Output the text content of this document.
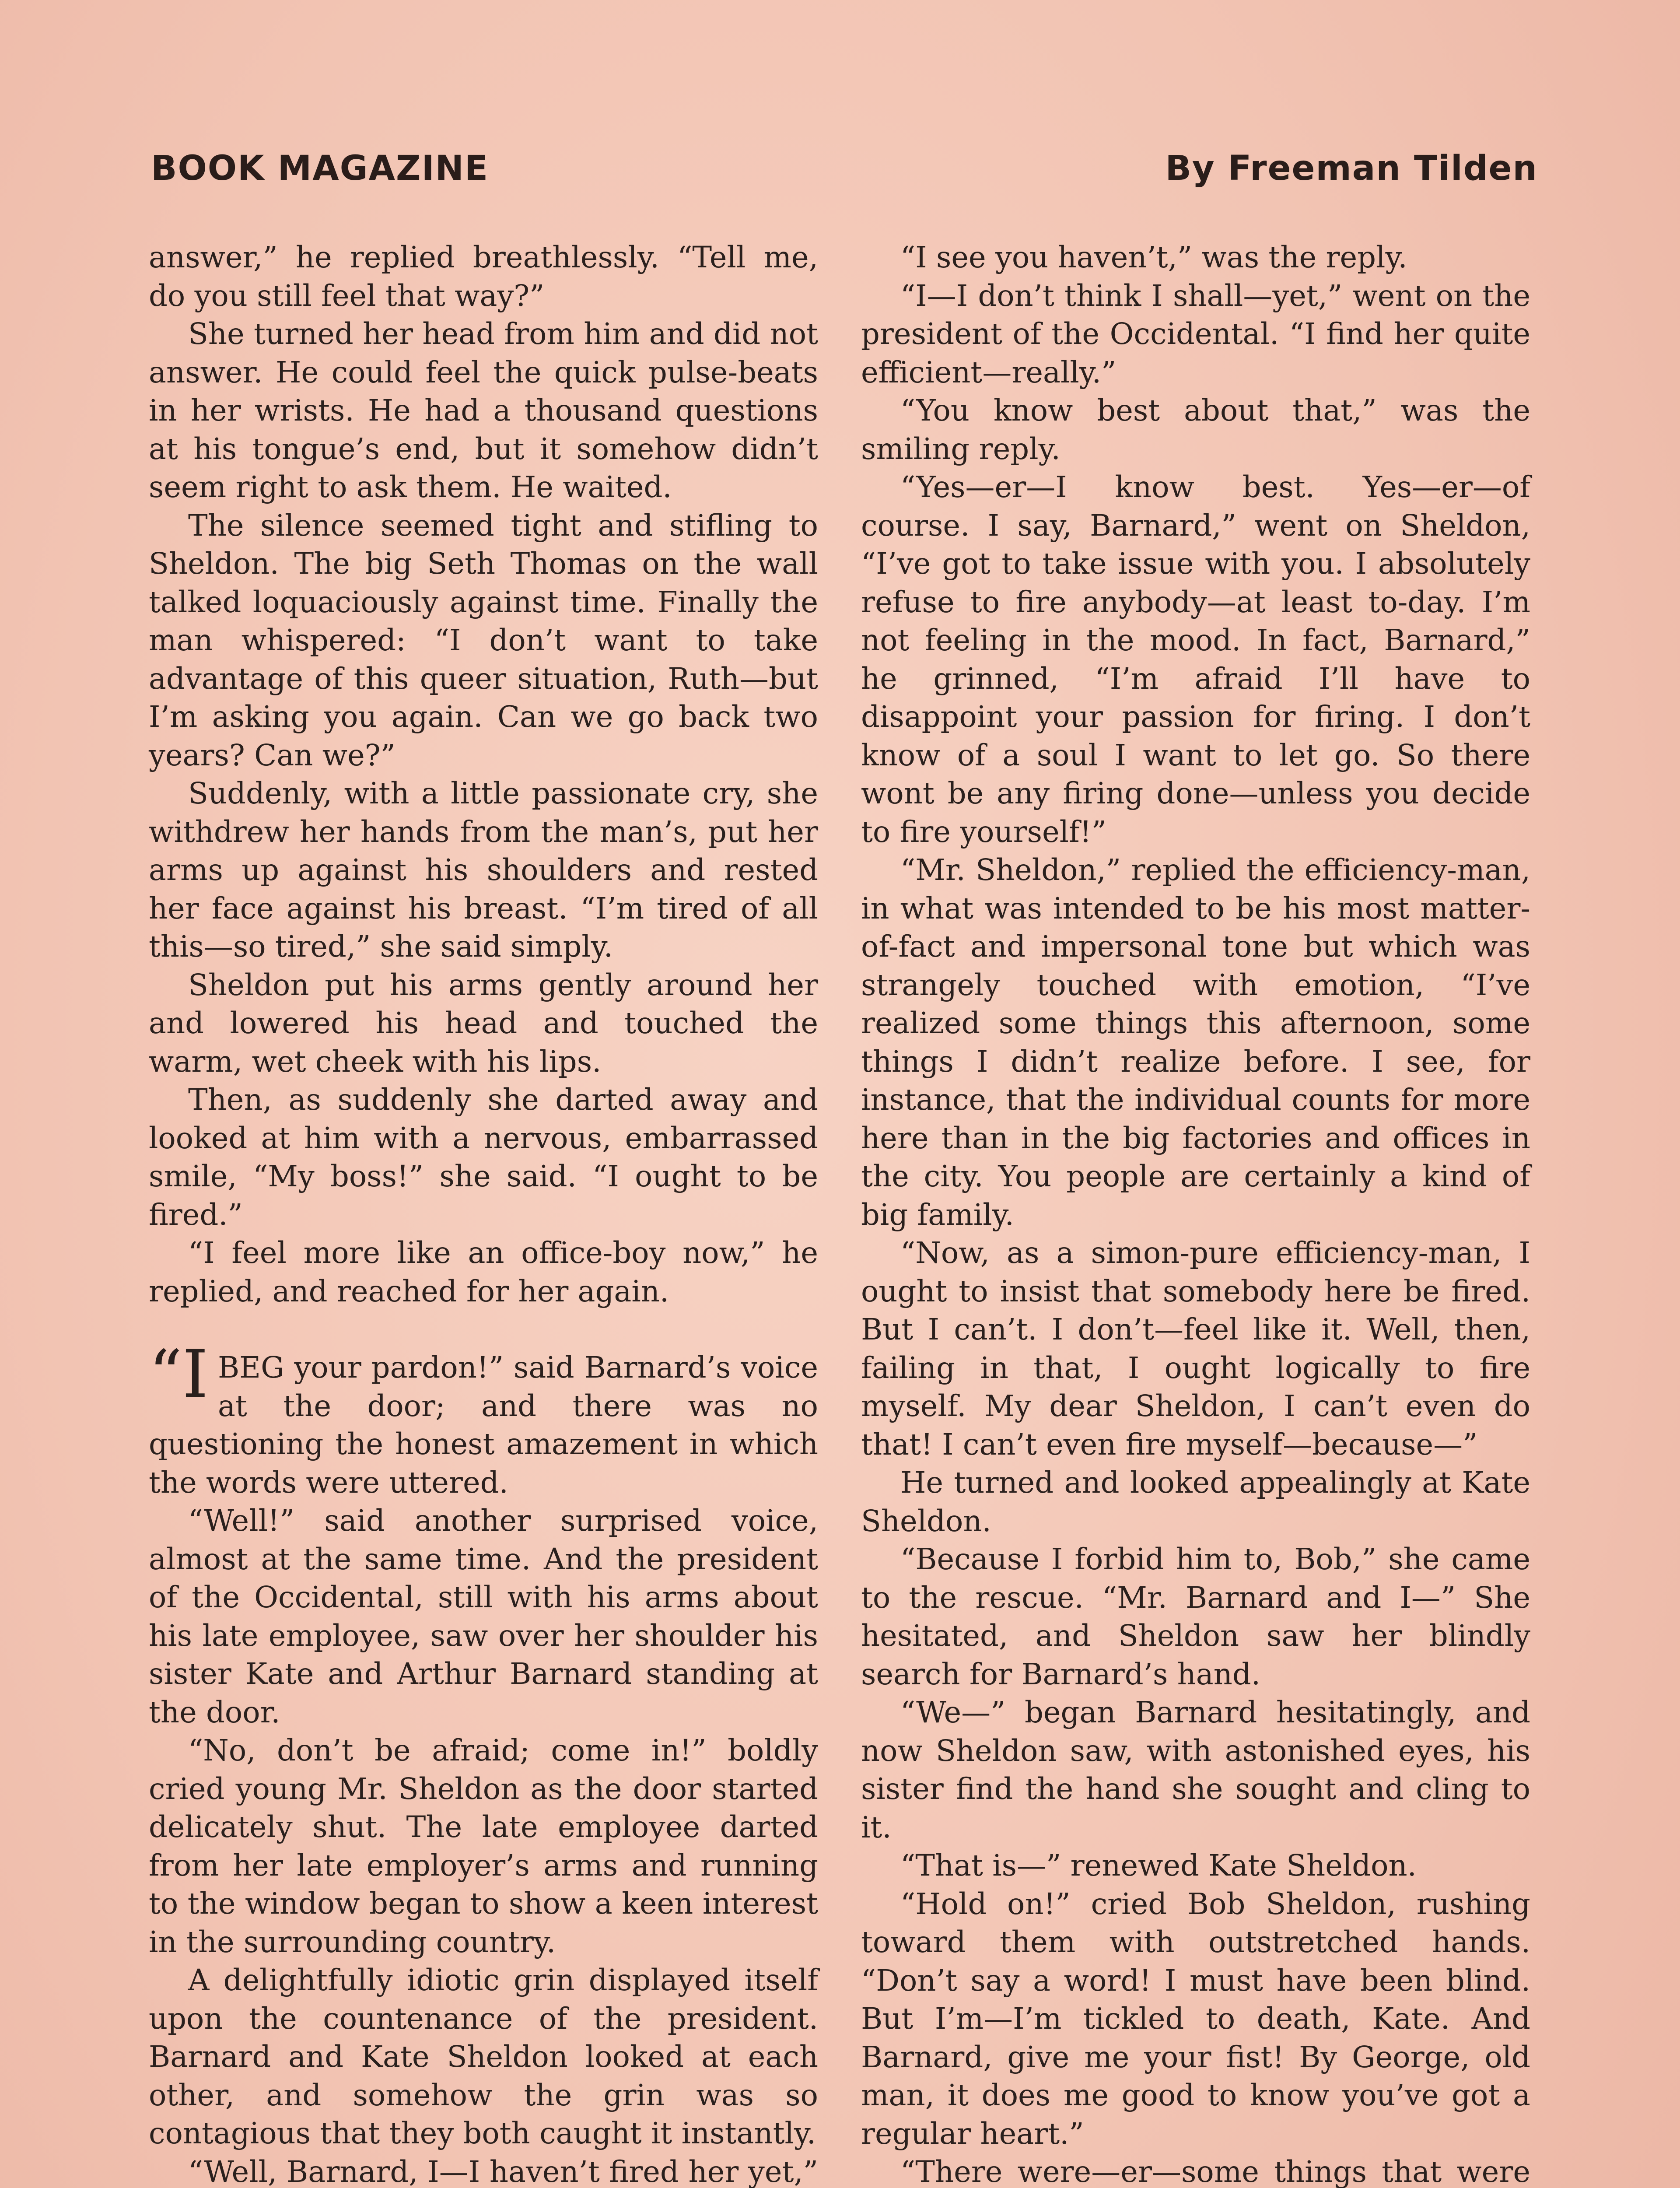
BOOK MAGAZINE	By Freeman Tilden

answer,” he replied breathlessly. “Tell me, do you still feel that way?”

She turned her head from him and did not answer. He could feel the quick pulse-beats in her wrists. He had a thousand questions at his tongue’s end, but it somehow didn’t seem right to ask them. He waited.

The silence seemed tight and stifling to Sheldon. The big Seth Thomas on the wall talked loquaciously against time. Finally the man whispered: “I don’t want to take advantage of this queer situation, Ruth—but I’m asking you again. Can we go back two years? Can we?”

Suddenly, with a little passionate cry, she withdrew her hands from the man’s, put her arms up against his shoulders and rested her face against his breast. “I’m tired of all this—so tired,” she said simply.

Sheldon put his arms gently around her and lowered his head and touched the warm, wet cheek with his lips.

Then, as suddenly she darted away and looked at him with a nervous, embarrassed smile, “My boss!” she said. “I ought to be fired.”

“I feel more like an office-boy now,” he replied, and reached for her again.

“IBEG your pardon!” said Barnard’s voice at the door; and there was no questioning the honest amazement in which the words were uttered.

“Well!” said another surprised voice, almost at the same time. And the president of the Occidental, still with his arms about his late employee, saw over her shoulder his sister Kate and Arthur Barnard standing at the door.

“No, don’t be afraid; come in!” boldly cried young Mr. Sheldon as the door started delicately shut. The late employee darted from her late employer’s arms and running to the window began to show a keen interest in the surrounding country.

A delightfully idiotic grin displayed itself upon the countenance of the president. Barnard and Kate Sheldon looked at each other, and somehow the grin was so contagious that they both caught it instantly.

“Well, Barnard, I—I haven’t fired her yet,”

“I see you haven’t,” was the reply.

“I—I don’t think I shall—yet,” went on the president of the Occidental. “I find her quite efficient—really.”

“You know best about that,” was the smiling reply.

“Yes—er—I know best. Yes—er—of course. I say, Barnard,” went on Sheldon, “I’ve got to take issue with you. I absolutely refuse to fire anybody—at least to-day. I’m not feeling in the mood. In fact, Barnard,” he grinned, “I’m afraid I’ll have to disappoint your passion for firing. I don’t know of a soul I want to let go. So there wont be any firing done—unless you decide to fire yourself!”

“Mr. Sheldon,” replied the efficiency-man, in what was intended to be his most matter-of-fact and impersonal tone but which was strangely touched with emotion, “I’ve realized some things this afternoon, some things I didn’t realize before. I see, for instance, that the individual counts for more here than in the big factories and offices in the city. You people are certainly a kind of big family.

“Now, as a simon-pure efficiency-man, I ought to insist that somebody here be fired. But I can’t. I don’t—feel like it. Well, then, failing in that, I ought logically to fire myself. My dear Sheldon, I can’t even do that! I can’t even fire myself—because—”

He turned and looked appealingly at Kate Sheldon.

“Because I forbid him to, Bob,” she came to the rescue. “Mr. Barnard and I—” She hesitated, and Sheldon saw her blindly search for Barnard’s hand.

“We—” began Barnard hesitatingly, and now Sheldon saw, with astonished eyes, his sister find the hand she sought and cling to it.

“That is—” renewed Kate Sheldon.

“Hold on!” cried Bob Sheldon, rushing toward them with outstretched hands. “Don’t say a word! I must have been blind. But I’m—I’m tickled to death, Kate. And Barnard, give me your fist! By George, old man, it does me good to know you’ve got a regular heart.”

“There were—er—some things that were
